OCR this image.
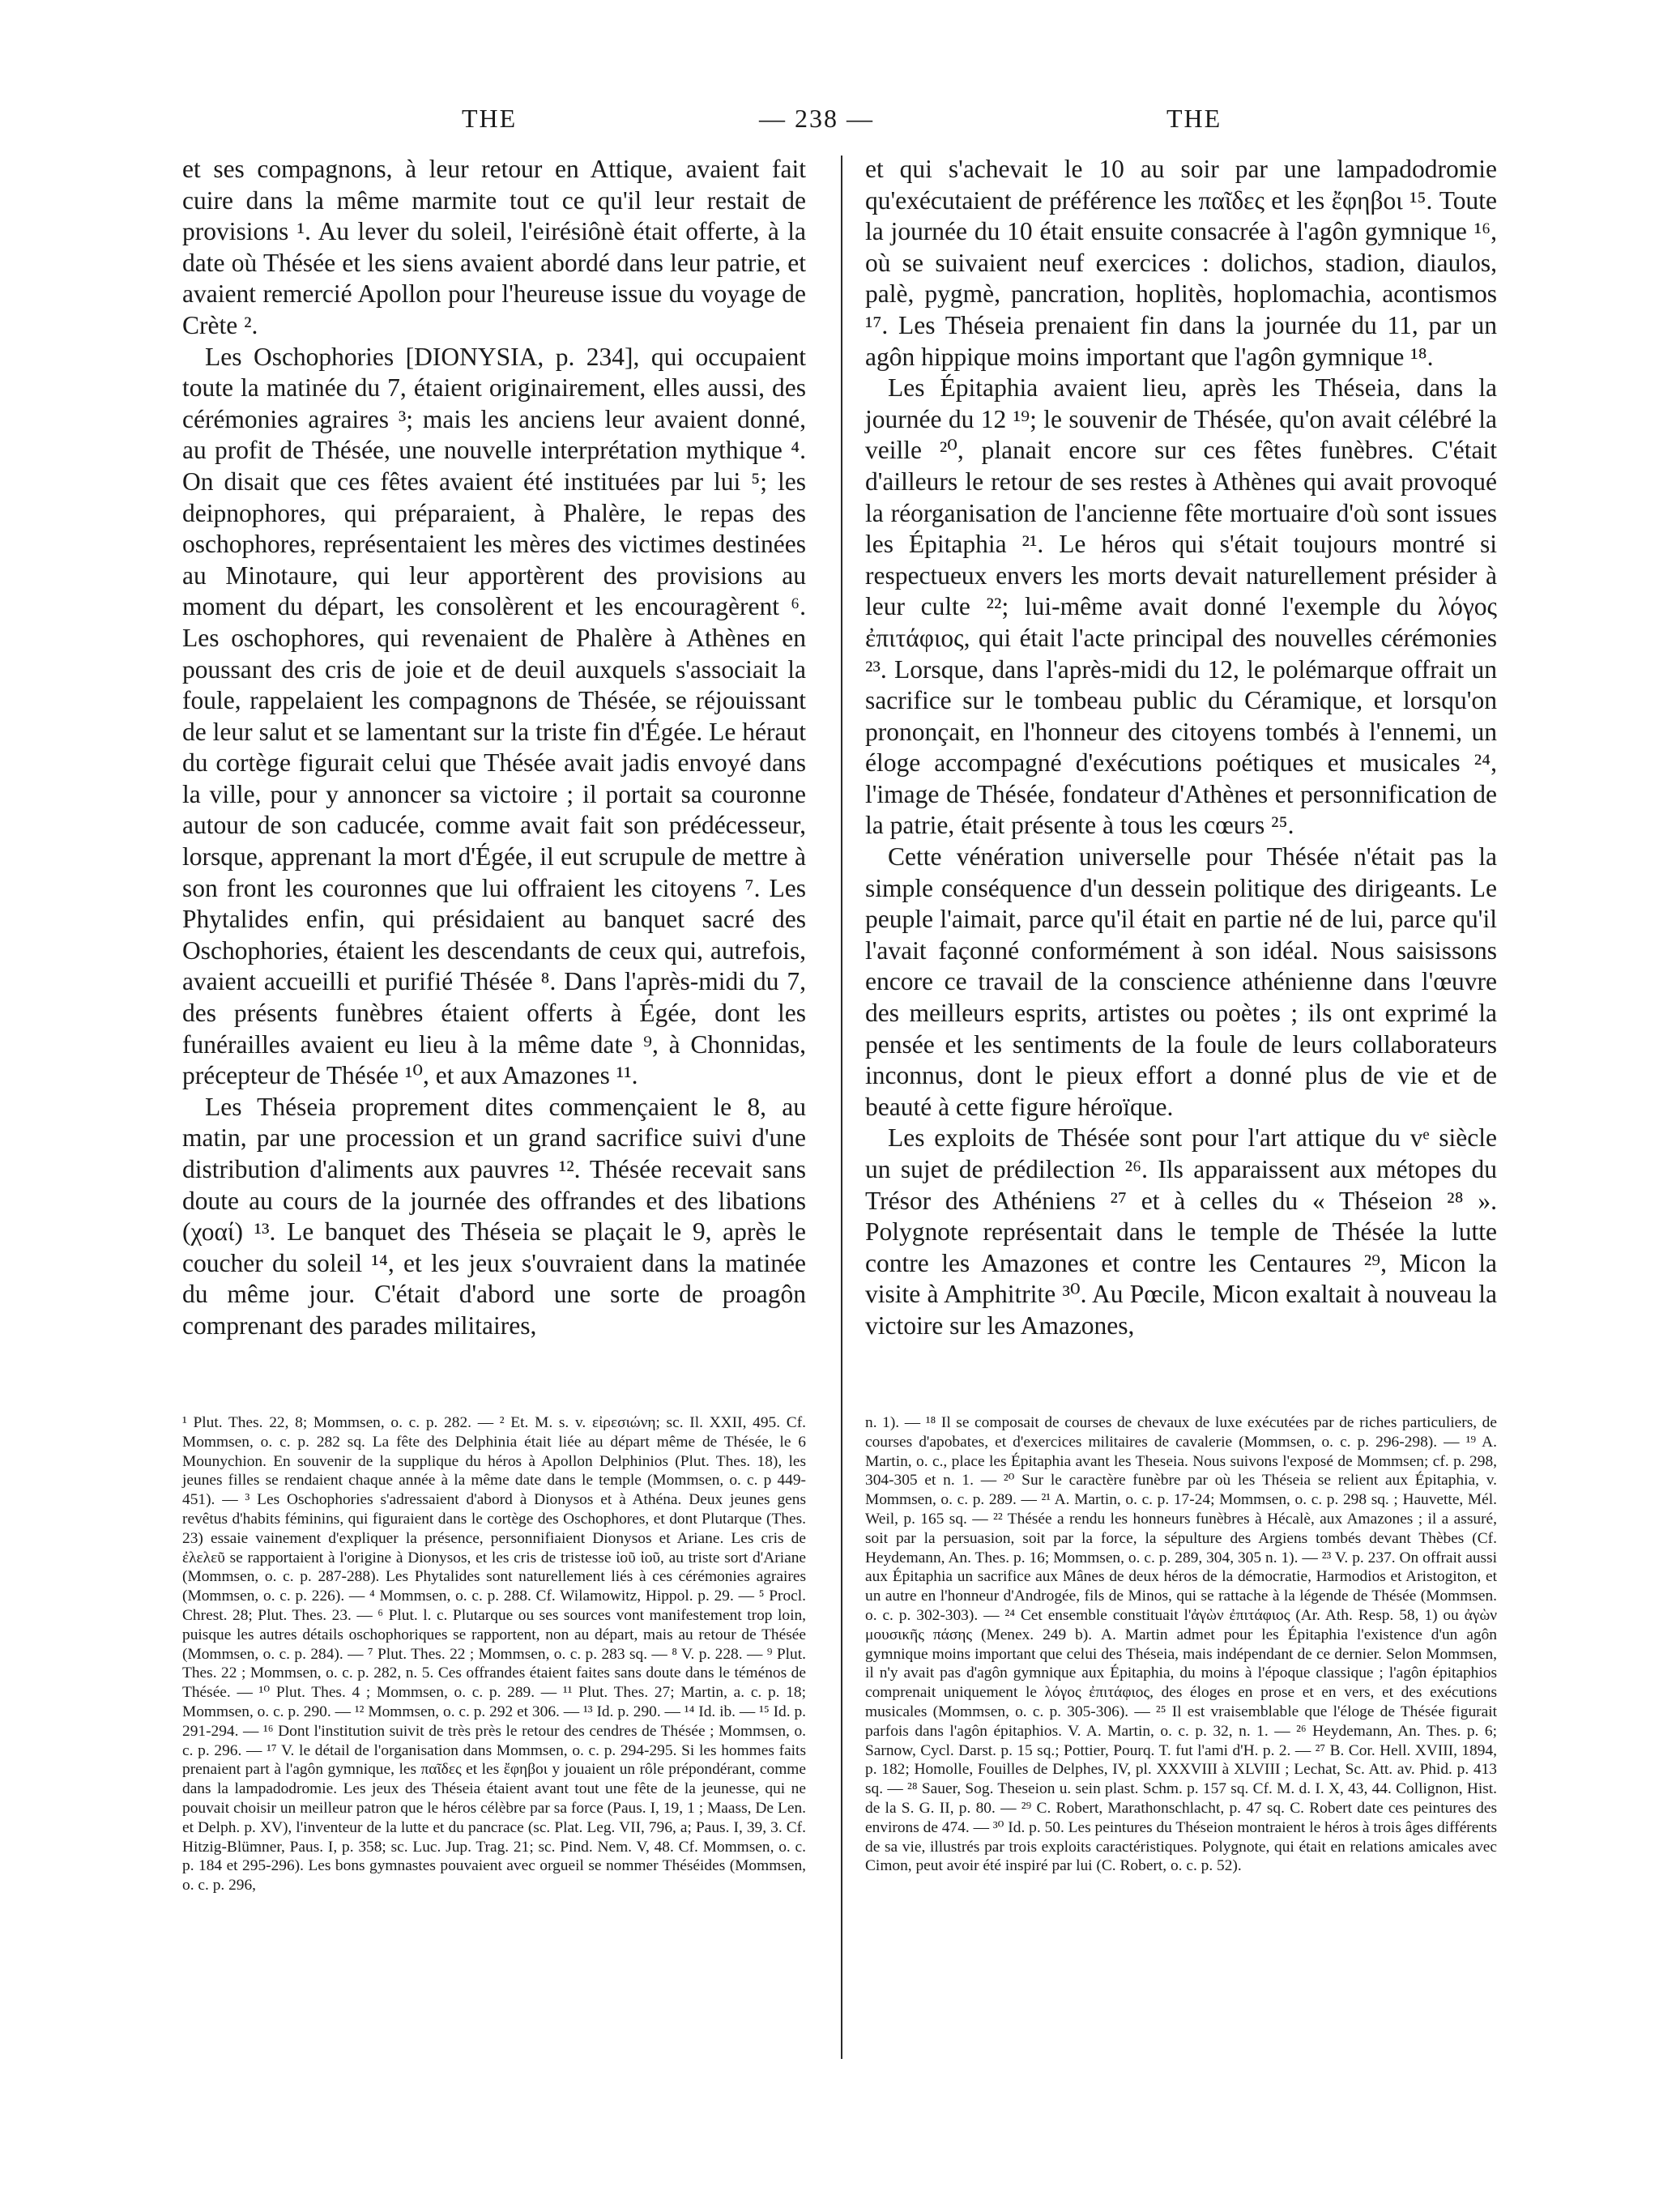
THE	— 238 —	THE

et ses compagnons, à leur retour en Attique, avaient fait cuire dans la même marmite tout ce qu'il leur restait de provisions ¹. Au lever du soleil, l'eirésiônè était offerte, à la date où Thésée et les siens avaient abordé dans leur patrie, et avaient remercié Apollon pour l'heureuse issue du voyage de Crète ².

Les Oschophories [DIONYSIA, p. 234], qui occupaient toute la matinée du 7, étaient originairement, elles aussi, des cérémonies agraires ³; mais les anciens leur avaient donné, au profit de Thésée, une nouvelle interprétation mythique ⁴. On disait que ces fêtes avaient été instituées par lui ⁵; les deipnophores, qui préparaient, à Phalère, le repas des oschophores, représentaient les mères des victimes destinées au Minotaure, qui leur apportèrent des provisions au moment du départ, les consolèrent et les encouragèrent ⁶. Les oschophores, qui revenaient de Phalère à Athènes en poussant des cris de joie et de deuil auxquels s'associait la foule, rappelaient les compagnons de Thésée, se réjouissant de leur salut et se lamentant sur la triste fin d'Égée. Le héraut du cortège figurait celui que Thésée avait jadis envoyé dans la ville, pour y annoncer sa victoire ; il portait sa couronne autour de son caducée, comme avait fait son prédécesseur, lorsque, apprenant la mort d'Égée, il eut scrupule de mettre à son front les couronnes que lui offraient les citoyens ⁷. Les Phytalides enfin, qui présidaient au banquet sacré des Oschophories, étaient les descendants de ceux qui, autrefois, avaient accueilli et purifié Thésée ⁸. Dans l'après-midi du 7, des présents funèbres étaient offerts à Égée, dont les funérailles avaient eu lieu à la même date ⁹, à Chonnidas, précepteur de Thésée ¹⁰, et aux Amazones ¹¹.

Les Théseia proprement dites commençaient le 8, au matin, par une procession et un grand sacrifice suivi d'une distribution d'aliments aux pauvres ¹². Thésée recevait sans doute au cours de la journée des offrandes et des libations (χοαί) ¹³. Le banquet des Théseia se plaçait le 9, après le coucher du soleil ¹⁴, et les jeux s'ouvraient dans la matinée du même jour. C'était d'abord une sorte de proagôn comprenant des parades militaires,

et qui s'achevait le 10 au soir par une lampadodromie qu'exécutaient de préférence les παῖδες et les ἔφηβοι ¹⁵. Toute la journée du 10 était ensuite consacrée à l'agôn gymnique ¹⁶, où se suivaient neuf exercices : dolichos, stadion, diaulos, palè, pygmè, pancration, hoplitès, hoplomachia, acontismos ¹⁷. Les Théseia prenaient fin dans la journée du 11, par un agôn hippique moins important que l'agôn gymnique ¹⁸.

Les Épitaphia avaient lieu, après les Théseia, dans la journée du 12 ¹⁹; le souvenir de Thésée, qu'on avait célébré la veille ²⁰, planait encore sur ces fêtes funèbres. C'était d'ailleurs le retour de ses restes à Athènes qui avait provoqué la réorganisation de l'ancienne fête mortuaire d'où sont issues les Épitaphia ²¹. Le héros qui s'était toujours montré si respectueux envers les morts devait naturellement présider à leur culte ²²; lui-même avait donné l'exemple du λόγος ἐπιτάφιος, qui était l'acte principal des nouvelles cérémonies ²³. Lorsque, dans l'après-midi du 12, le polémarque offrait un sacrifice sur le tombeau public du Céramique, et lorsqu'on prononçait, en l'honneur des citoyens tombés à l'ennemi, un éloge accompagné d'exécutions poétiques et musicales ²⁴, l'image de Thésée, fondateur d'Athènes et personnification de la patrie, était présente à tous les cœurs ²⁵.

Cette vénération universelle pour Thésée n'était pas la simple conséquence d'un dessein politique des dirigeants. Le peuple l'aimait, parce qu'il était en partie né de lui, parce qu'il l'avait façonné conformément à son idéal. Nous saisissons encore ce travail de la conscience athénienne dans l'œuvre des meilleurs esprits, artistes ou poètes ; ils ont exprimé la pensée et les sentiments de la foule de leurs collaborateurs inconnus, dont le pieux effort a donné plus de vie et de beauté à cette figure héroïque.

Les exploits de Thésée sont pour l'art attique du vᵉ siècle un sujet de prédilection ²⁶. Ils apparaissent aux métopes du Trésor des Athéniens ²⁷ et à celles du « Théseion ²⁸ ». Polygnote représentait dans le temple de Thésée la lutte contre les Amazones et contre les Centaures ²⁹, Micon la visite à Amphitrite ³⁰. Au Pœcile, Micon exaltait à nouveau la victoire sur les Amazones,

¹ Plut. Thes. 22, 8; Mommsen, o. c. p. 282. — ² Et. M. s. v. εἰρεσιώνη; sc. Il. XXII, 495. Cf. Mommsen, o. c. p. 282 sq. La fête des Delphinia était liée au départ même de Thésée, le 6 Mounychion. En souvenir de la supplique du héros à Apollon Delphinios (Plut. Thes. 18), les jeunes filles se rendaient chaque année à la même date dans le temple (Mommsen, o. c. p 449-451). — ³ Les Oschophories s'adressaient d'abord à Dionysos et à Athéna. Deux jeunes gens revêtus d'habits féminins, qui figuraient dans le cortège des Oschophores, et dont Plutarque (Thes. 23) essaie vainement d'expliquer la présence, personnifiaient Dionysos et Ariane. Les cris de ἐλελεῦ se rapportaient à l'origine à Dionysos, et les cris de tristesse ἰοῦ ἰοῦ, au triste sort d'Ariane (Mommsen, o. c. p. 287-288). Les Phytalides sont naturellement liés à ces cérémonies agraires (Mommsen, o. c. p. 226). — ⁴ Mommsen, o. c. p. 288. Cf. Wilamowitz, Hippol. p. 29. — ⁵ Procl. Chrest. 28; Plut. Thes. 23. — ⁶ Plut. l. c. Plutarque ou ses sources vont manifestement trop loin, puisque les autres détails oschophoriques se rapportent, non au départ, mais au retour de Thésée (Mommsen, o. c. p. 284). — ⁷ Plut. Thes. 22 ; Mommsen, o. c. p. 283 sq. — ⁸ V. p. 228. — ⁹ Plut. Thes. 22 ; Mommsen, o. c. p. 282, n. 5. Ces offrandes étaient faites sans doute dans le téménos de Thésée. — ¹⁰ Plut. Thes. 4 ; Mommsen, o. c. p. 289. — ¹¹ Plut. Thes. 27; Martin, a. c. p. 18; Mommsen, o. c. p. 290. — ¹² Mommsen, o. c. p. 292 et 306. — ¹³ Id. p. 290. — ¹⁴ Id. ib. — ¹⁵ Id. p. 291-294. — ¹⁶ Dont l'institution suivit de très près le retour des cendres de Thésée ; Mommsen, o. c. p. 296. — ¹⁷ V. le détail de l'organisation dans Mommsen, o. c. p. 294-295. Si les hommes faits prenaient part à l'agôn gymnique, les παῖδες et les ἔφηβοι y jouaient un rôle prépondérant, comme dans la lampadodromie. Les jeux des Théseia étaient avant tout une fête de la jeunesse, qui ne pouvait choisir un meilleur patron que le héros célèbre par sa force (Paus. I, 19, 1 ; Maass, De Len. et Delph. p. XV), l'inventeur de la lutte et du pancrace (sc. Plat. Leg. VII, 796, a; Paus. I, 39, 3. Cf. Hitzig-Blümner, Paus. I, p. 358; sc. Luc. Jup. Trag. 21; sc. Pind. Nem. V, 48. Cf. Mommsen, o. c. p. 184 et 295-296). Les bons gymnastes pouvaient avec orgueil se nommer Théséides (Mommsen, o. c. p. 296,
n. 1). — ¹⁸ Il se composait de courses de chevaux de luxe exécutées par de riches particuliers, de courses d'apobates, et d'exercices militaires de cavalerie (Mommsen, o. c. p. 296-298). — ¹⁹ A. Martin, o. c., place les Épitaphia avant les Theseia. Nous suivons l'exposé de Mommsen; cf. p. 298, 304-305 et n. 1. — ²⁰ Sur le caractère funèbre par où les Théseia se relient aux Épitaphia, v. Mommsen, o. c. p. 289. — ²¹ A. Martin, o. c. p. 17-24; Mommsen, o. c. p. 298 sq. ; Hauvette, Mél. Weil, p. 165 sq. — ²² Thésée a rendu les honneurs funèbres à Hécalè, aux Amazones ; il a assuré, soit par la persuasion, soit par la force, la sépulture des Argiens tombés devant Thèbes (Cf. Heydemann, An. Thes. p. 16; Mommsen, o. c. p. 289, 304, 305 n. 1). — ²³ V. p. 237. On offrait aussi aux Épitaphia un sacrifice aux Mânes de deux héros de la démocratie, Harmodios et Aristogiton, et un autre en l'honneur d'Androgée, fils de Minos, qui se rattache à la légende de Thésée (Mommsen. o. c. p. 302-303). — ²⁴ Cet ensemble constituait l'ἀγὼν ἐπιτάφιος (Ar. Ath. Resp. 58, 1) ou ἀγὼν μουσικῆς πάσης (Menex. 249 b). A. Martin admet pour les Épitaphia l'existence d'un agôn gymnique moins important que celui des Théseia, mais indépendant de ce dernier. Selon Mommsen, il n'y avait pas d'agôn gymnique aux Épitaphia, du moins à l'époque classique ; l'agôn épitaphios comprenait uniquement le λόγος ἐπιτάφιος, des éloges en prose et en vers, et des exécutions musicales (Mommsen, o. c. p. 305-306). — ²⁵ Il est vraisemblable que l'éloge de Thésée figurait parfois dans l'agôn épitaphios. V. A. Martin, o. c. p. 32, n. 1. — ²⁶ Heydemann, An. Thes. p. 6; Sarnow, Cycl. Darst. p. 15 sq.; Pottier, Pourq. T. fut l'ami d'H. p. 2. — ²⁷ B. Cor. Hell. XVIII, 1894, p. 182; Homolle, Fouilles de Delphes, IV, pl. XXXVIII à XLVIII ; Lechat, Sc. Att. av. Phid. p. 413 sq. — ²⁸ Sauer, Sog. Theseion u. sein plast. Schm. p. 157 sq. Cf. M. d. I. X, 43, 44. Collignon, Hist. de la S. G. II, p. 80. — ²⁹ C. Robert, Marathonschlacht, p. 47 sq. C. Robert date ces peintures des environs de 474. — ³⁰ Id. p. 50. Les peintures du Théseion montraient le héros à trois âges différents de sa vie, illustrés par trois exploits caractéristiques. Polygnote, qui était en relations amicales avec Cimon, peut avoir été inspiré par lui (C. Robert, o. c. p. 52).
